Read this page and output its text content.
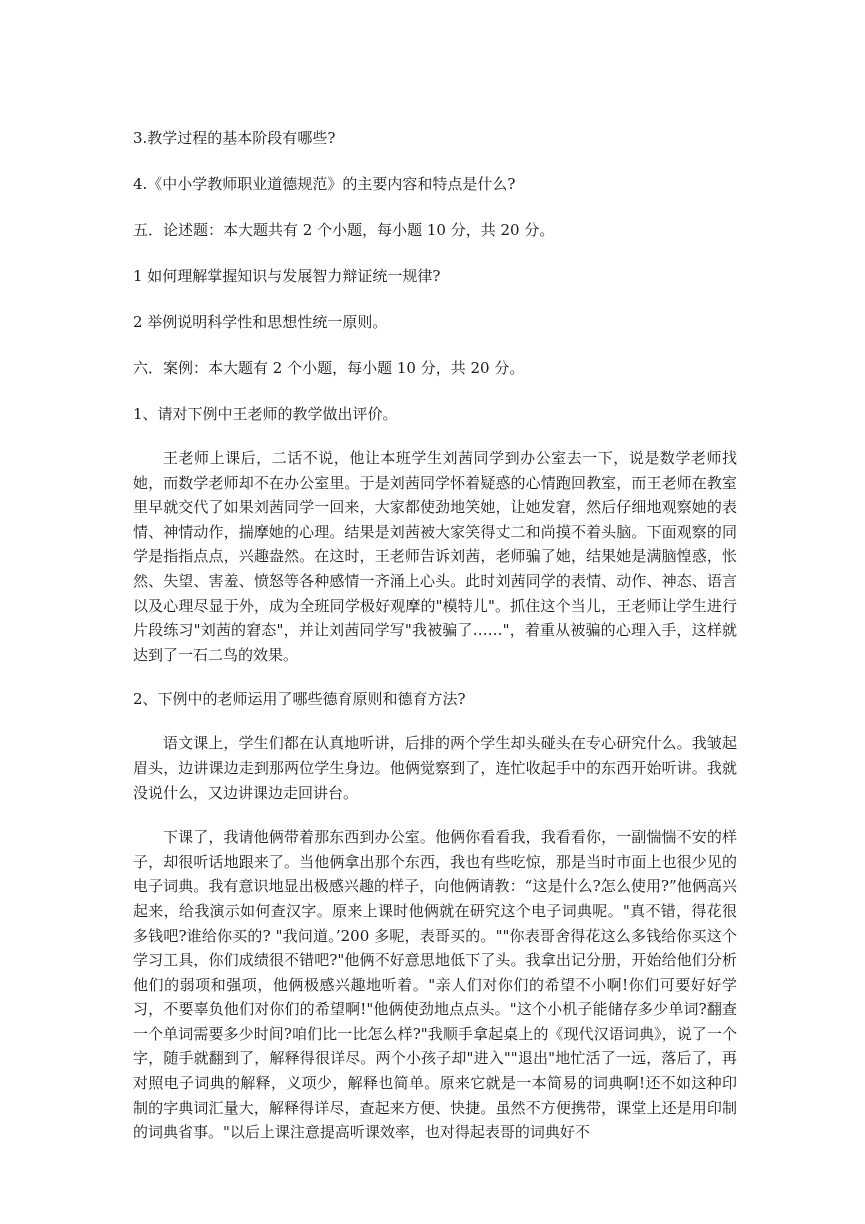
3.教学过程的基本阶段有哪些?

4.《中小学教师职业道德规范》的主要内容和特点是什么?

五．论述题：本大题共有 2 个小题，每小题 10 分，共 20 分。

1 如何理解掌握知识与发展智力辩证统一规律?

2 举例说明科学性和思想性统一原则。

六．案例：本大题有 2 个小题，每小题 10 分，共 20 分。

1、请对下例中王老师的教学做出评价。

王老师上课后，二话不说，他让本班学生刘茜同学到办公室去一下，说是数学老师找她，而数学老师却不在办公室里。于是刘茜同学怀着疑惑的心情跑回教室，而王老师在教室里早就交代了如果刘茜同学一回来，大家都使劲地笑她，让她发窘，然后仔细地观察她的表情、神情动作，揣摩她的心理。结果是刘茜被大家笑得丈二和尚摸不着头脑。下面观察的同学是指指点点，兴趣盎然。在这时，王老师告诉刘茜，老师骗了她，结果她是满脑惶惑，怅然、失望、害羞、愤怒等各种感情一齐涌上心头。此时刘茜同学的表情、动作、神态、语言以及心理尽显于外，成为全班同学极好观摩的"模特儿"。抓住这个当儿，王老师让学生进行片段练习"刘茜的窘态"，并让刘茜同学写"我被骗了……"，着重从被骗的心理入手，这样就达到了一石二鸟的效果。

2、下例中的老师运用了哪些德育原则和德育方法?

语文课上，学生们都在认真地听讲，后排的两个学生却头碰头在专心研究什么。我皱起眉头，边讲课边走到那两位学生身边。他俩觉察到了，连忙收起手中的东西开始听讲。我就没说什么，又边讲课边走回讲台。

下课了，我请他俩带着那东西到办公室。他俩你看看我，我看看你，一副惴惴不安的样子，却很听话地跟来了。当他俩拿出那个东西，我也有些吃惊，那是当时市面上也很少见的电子词典。我有意识地显出极感兴趣的样子，向他俩请教：“这是什么?怎么使用?”他俩高兴起来，给我演示如何查汉字。原来上课时他俩就在研究这个电子词典呢。"真不错，得花很多钱吧?谁给你买的? "我问道。’200 多呢，表哥买的。""你表哥舍得花这么多钱给你买这个学习工具，你们成绩很不错吧?"他俩不好意思地低下了头。我拿出记分册，开始给他们分析他们的弱项和强项，他俩极感兴趣地听着。"亲人们对你们的希望不小啊!你们可要好好学习，不要辜负他们对你们的希望啊!"他俩使劲地点点头。"这个小机子能储存多少单词?翻查一个单词需要多少时间?咱们比一比怎么样?"我顺手拿起桌上的《现代汉语词典》，说了一个字，随手就翻到了，解释得很详尽。两个小孩子却"进入""退出"地忙活了一远，落后了，再对照电子词典的解释，义项少，解释也简单。原来它就是一本简易的词典啊!还不如这种印制的字典词汇量大，解释得详尽，查起来方便、快捷。虽然不方便携带，课堂上还是用印制的词典省事。"以后上课注意提高听课效率，也对得起表哥的词典好不
